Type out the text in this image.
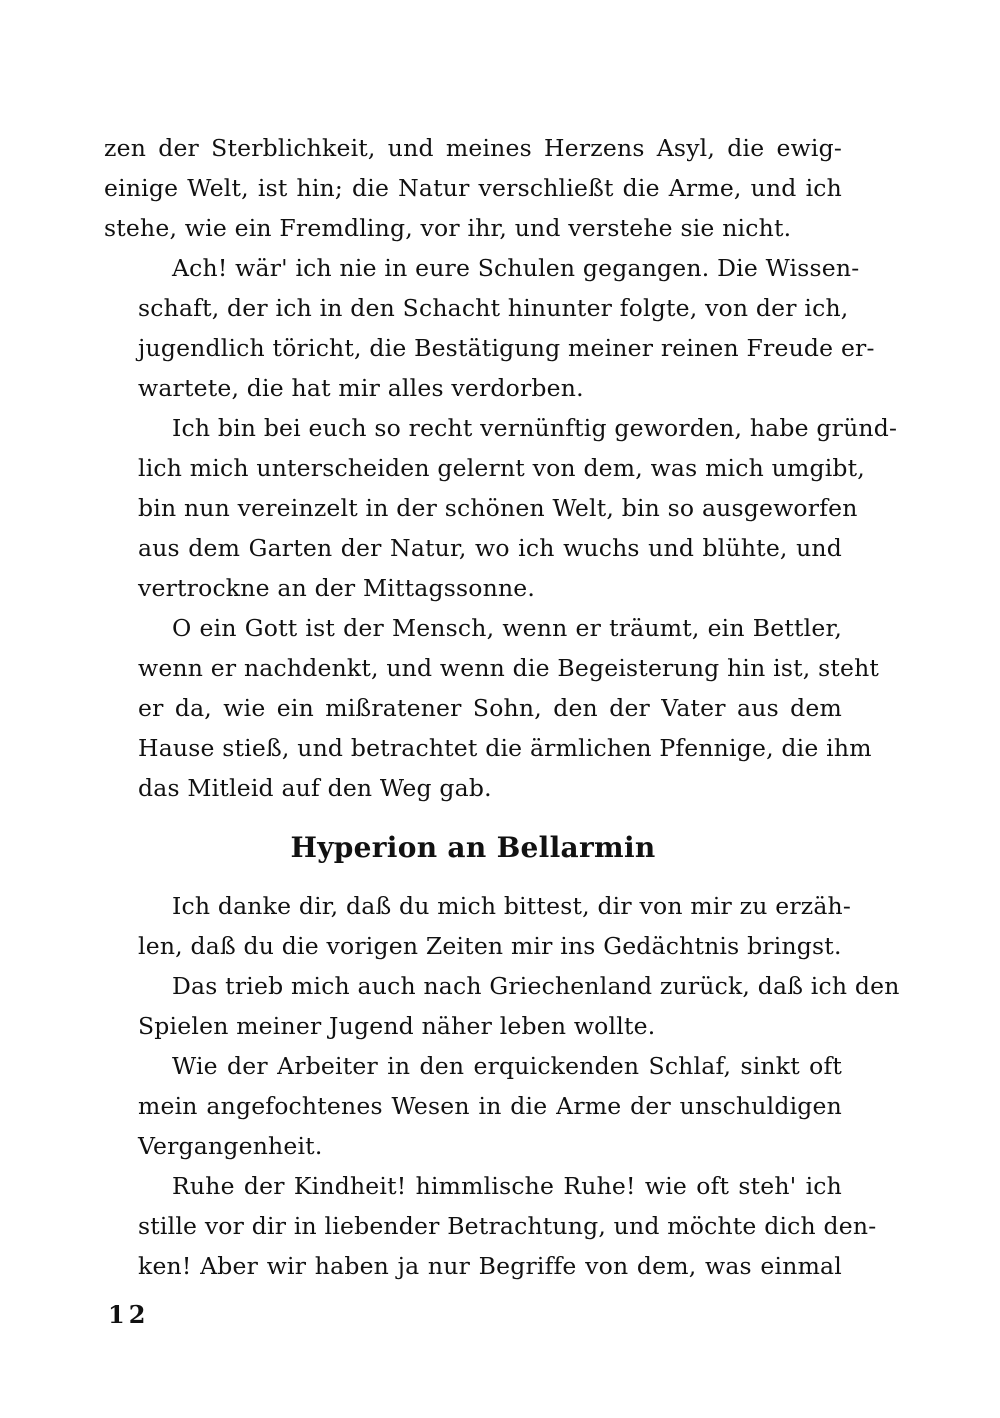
zen der Sterblichkeit, und meines Herzens Asyl, die ewig-
einige Welt, ist hin; die Natur verschließt die Arme, und ich
stehe, wie ein Fremdling, vor ihr, und verstehe sie nicht.

Ach! wär' ich nie in eure Schulen gegangen. Die Wissen-
schaft, der ich in den Schacht hinunter folgte, von der ich,
jugendlich töricht, die Bestätigung meiner reinen Freude er-
wartete, die hat mir alles verdorben.

Ich bin bei euch so recht vernünftig geworden, habe gründ-
lich mich unterscheiden gelernt von dem, was mich umgibt,
bin nun vereinzelt in der schönen Welt, bin so ausgeworfen
aus dem Garten der Natur, wo ich wuchs und blühte, und
vertrockne an der Mittagssonne.

O ein Gott ist der Mensch, wenn er träumt, ein Bettler,
wenn er nachdenkt, und wenn die Begeisterung hin ist, steht
er da, wie ein mißratener Sohn, den der Vater aus dem
Hause stieß, und betrachtet die ärmlichen Pfennige, die ihm
das Mitleid auf den Weg gab.

Hyperion an Bellarmin

Ich danke dir, daß du mich bittest, dir von mir zu erzäh-
len, daß du die vorigen Zeiten mir ins Gedächtnis bringst.

Das trieb mich auch nach Griechenland zurück, daß ich den
Spielen meiner Jugend näher leben wollte.

Wie der Arbeiter in den erquickenden Schlaf, sinkt oft
mein angefochtenes Wesen in die Arme der unschuldigen
Vergangenheit.

Ruhe der Kindheit! himmlische Ruhe! wie oft steh' ich
stille vor dir in liebender Betrachtung, und möchte dich den-
ken! Aber wir haben ja nur Begriffe von dem, was einmal

12
